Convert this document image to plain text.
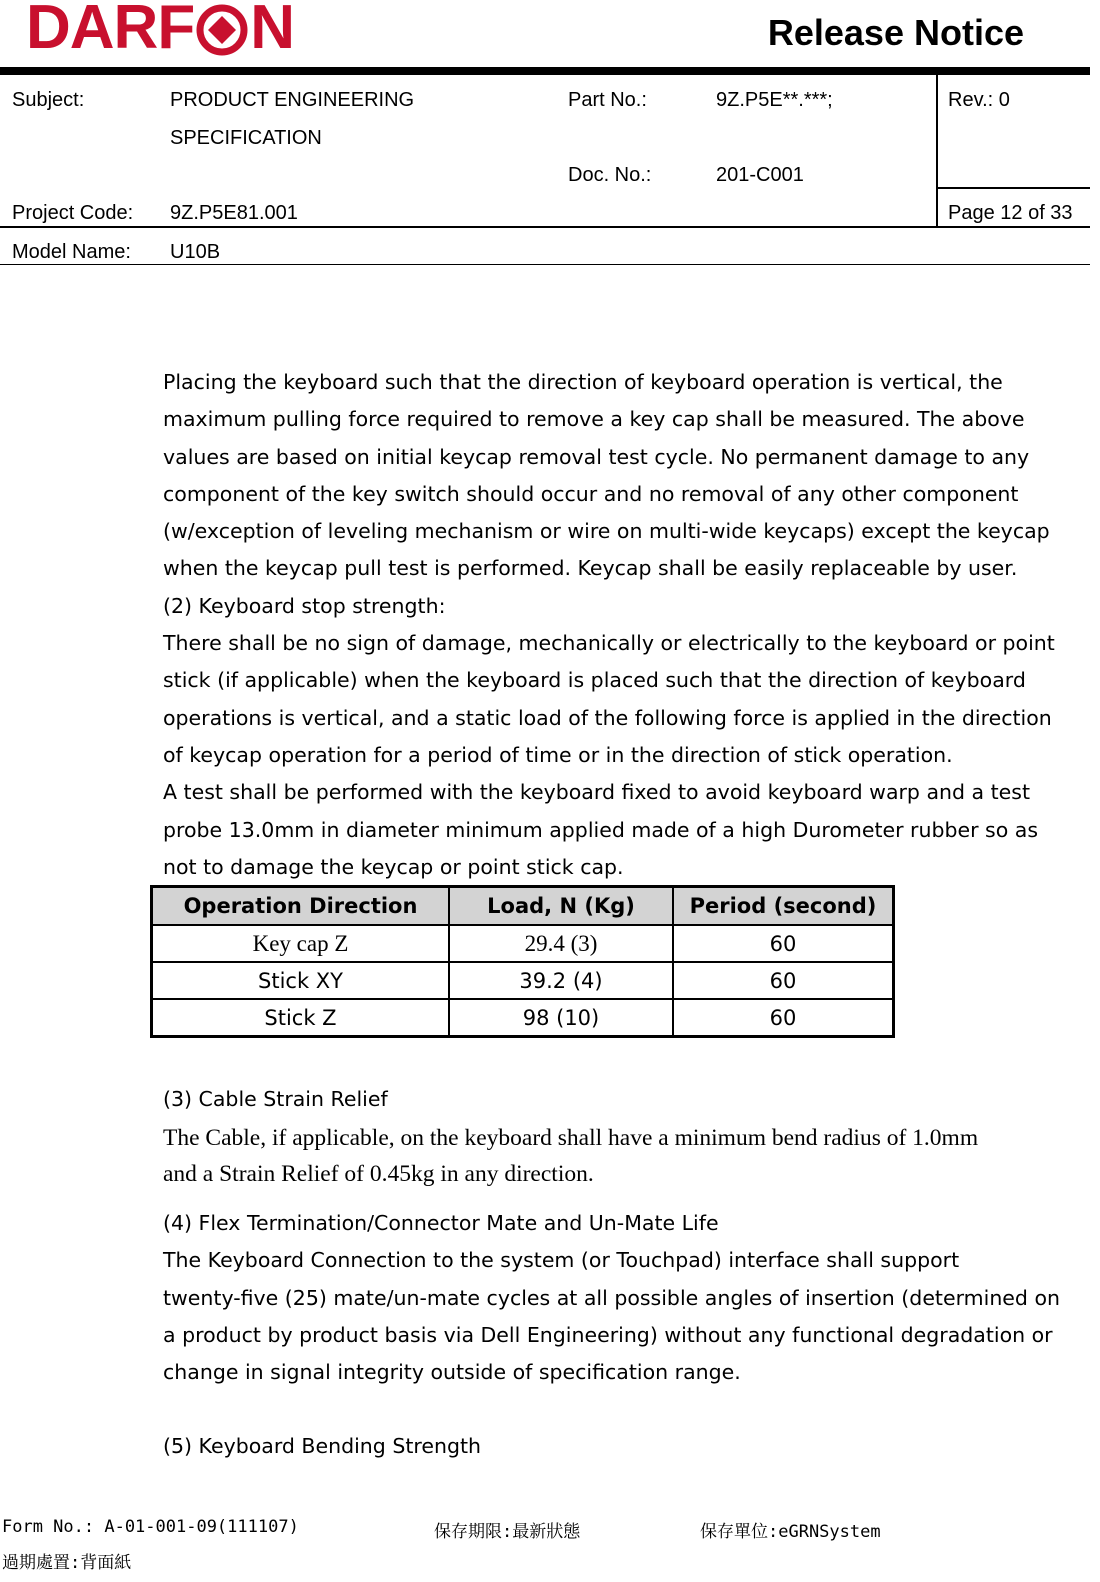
DARF N	Release Notice
Subject:	PRODUCT ENGINEERING
SPECIFICATION
Part No.:	9Z.P5E**.***;
Doc. No.:	201-C001
Rev.: 0
Project Code: 9Z.P5E81.001	Page 12 of 33
Model Name: U10B

Placing the keyboard such that the direction of keyboard operation is vertical, the

maximum pulling force required to remove a key cap shall be measured. The above

values are based on initial keycap removal test cycle. No permanent damage to any

component of the key switch should occur and no removal of any other component

(w/exception of leveling mechanism or wire on multi-wide keycaps) except the keycap

when the keycap pull test is performed. Keycap shall be easily replaceable by user.

(2) Keyboard stop strength:

There shall be no sign of damage, mechanically or electrically to the keyboard or point

stick (if applicable) when the keyboard is placed such that the direction of keyboard

operations is vertical, and a static load of the following force is applied in the direction

of keycap operation for a period of time or in the direction of stick operation.

A test shall be performed with the keyboard fixed to avoid keyboard warp and a test

probe 13.0mm in diameter minimum applied made of a high Durometer rubber so as

not to damage the keycap or point stick cap.

Operation Direction	Load, N (Kg)	Period (second)
Key cap Z	29.4 (3)	60
Stick XY	39.2 (4)	60
Stick Z	98 (10)	60

(3) Cable Strain Relief

The Cable, if applicable, on the keyboard shall have a minimum bend radius of 1.0mm

and a Strain Relief of 0.45kg in any direction.

(4) Flex Termination/Connector Mate and Un-Mate Life

The Keyboard Connection to the system (or Touchpad) interface shall support

twenty-five (25) mate/un-mate cycles at all possible angles of insertion (determined on

a product by product basis via Dell Engineering) without any functional degradation or

change in signal integrity outside of specification range.

(5) Keyboard Bending Strength

Form No.: A-01-001-09(111107)	保存期限:最新狀態	保存單位:eGRNSystem
過期處置:背面紙
